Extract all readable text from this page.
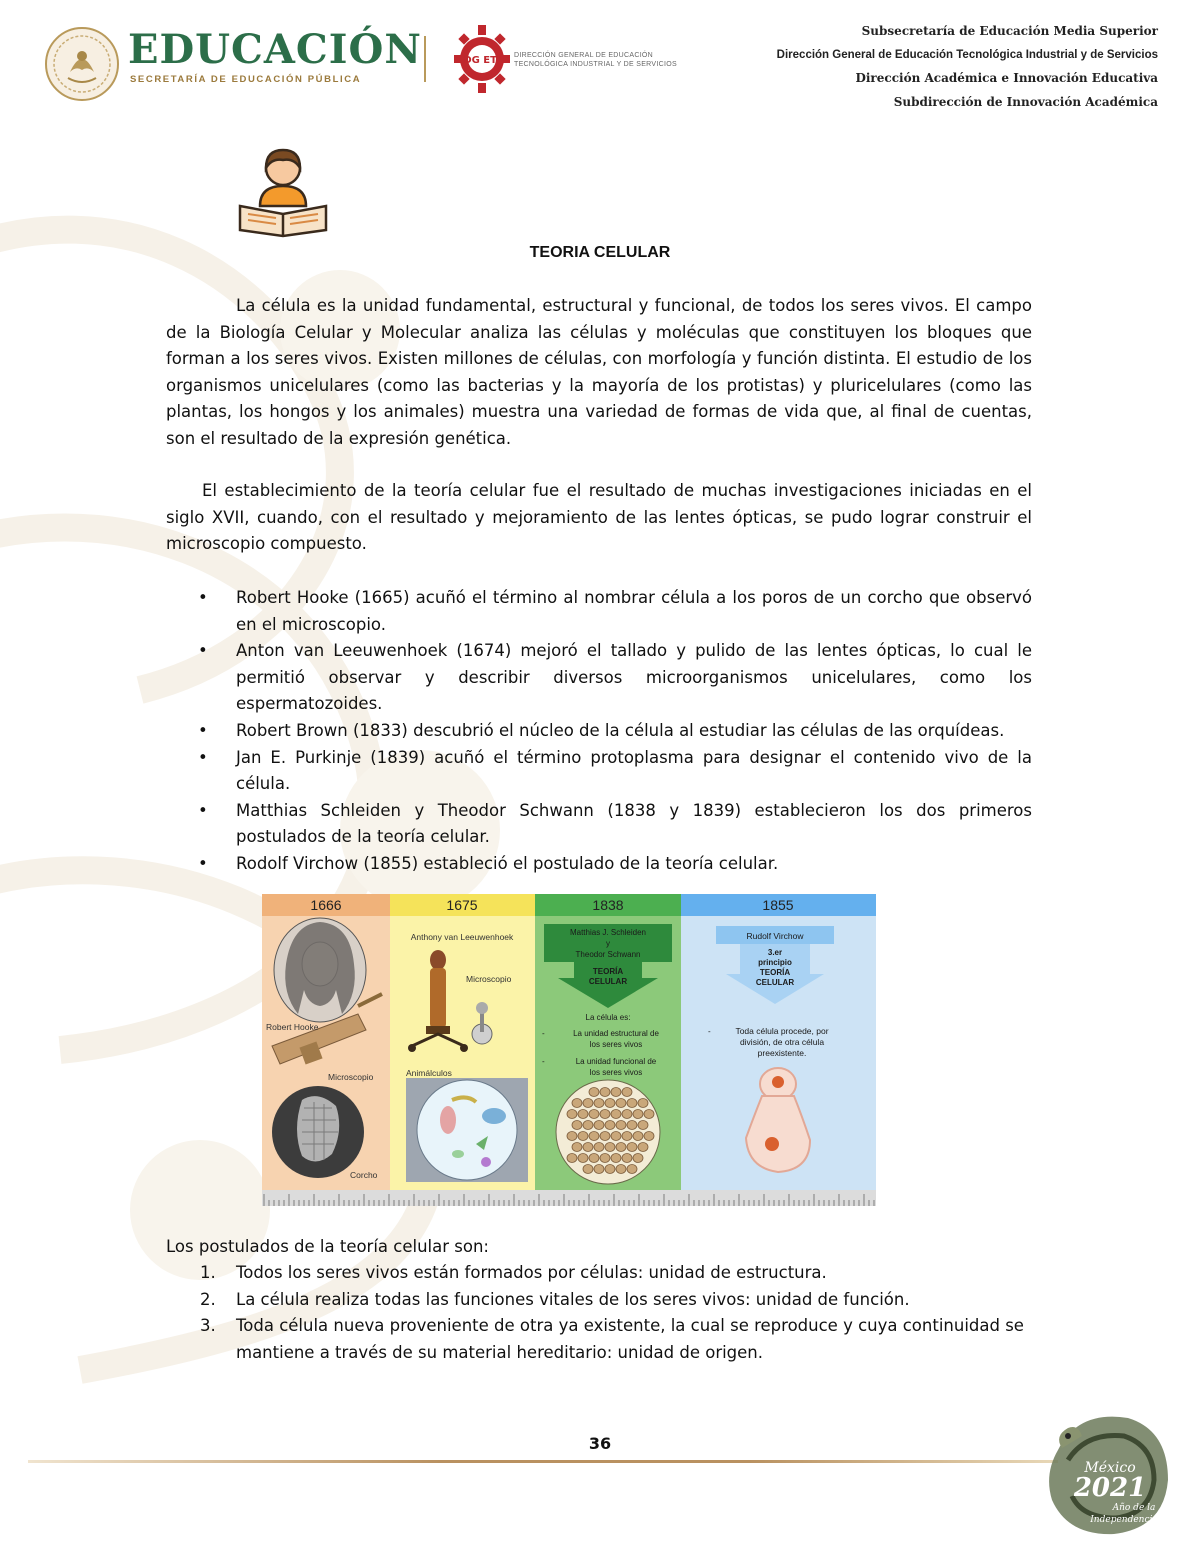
EDUCACIÓN
SECRETARÍA DE EDUCACIÓN PÚBLICA
DG ETI DIRECCIÓN GENERAL DE EDUCACIÓN TECNOLÓGICA INDUSTRIAL Y DE SERVICIOS
Subsecretaría de Educación Media Superior
Dirección General de Educación Tecnológica Industrial y de Servicios
Dirección Académica e Innovación Educativa
Subdirección de Innovación Académica
TEORIA CELULAR

La célula es la unidad fundamental, estructural y funcional, de todos los seres vivos. El campo de la Biología Celular y Molecular analiza las células y moléculas que constituyen los bloques que forman a los seres vivos. Existen millones de células, con morfología y función distinta. El estudio de los organismos unicelulares (como las bacterias y la mayoría de los protistas) y pluricelulares (como las plantas, los hongos y los animales) muestra una variedad de formas de vida que, al final de cuentas, son el resultado de la expresión genética.

El establecimiento de la teoría celular fue el resultado de muchas investigaciones iniciadas en el siglo XVII, cuando, con el resultado y mejoramiento de las lentes ópticas, se pudo lograr construir el microscopio compuesto.

• Robert Hooke (1665) acuñó el término al nombrar célula a los poros de un corcho que observó en el microscopio.
• Anton van Leeuwenhoek (1674) mejoró el tallado y pulido de las lentes ópticas, lo cual le permitió observar y describir diversos microorganismos unicelulares, como los espermatozoides.
• Robert Brown (1833) descubrió el núcleo de la célula al estudiar las células de las orquídeas.
• Jan E. Purkinje (1839) acuñó el término protoplasma para designar el contenido vivo de la célula.
• Matthias Schleiden y Theodor Schwann (1838 y 1839) establecieron los dos primeros postulados de la teoría celular.
• Rodolf Virchow (1855) estableció el postulado de la teoría celular.
1666	1675	1838	1855
Robert Hooke
Microscopio
Corcho
Anthony van Leeuwenhoek
Microscopio
Animálculos
Matthias J. Schleiden
y
Theodor Schwann
TEORÍA
CELULAR
La célula es:
-	La unidad estructural de
los seres vivos
-	La unidad funcional de
los seres vivos
Rudolf Virchow
3.er
principio
TEORÍA
CELULAR
-	Toda célula procede, por
división, de otra célula
preexistente.
Los postulados de la teoría celular son:
1. Todos los seres vivos están formados por células: unidad de estructura.
2. La célula realiza todas las funciones vitales de los seres vivos: unidad de función.
3. Toda célula nueva proveniente de otra ya existente, la cual se reproduce y cuya continuidad se mantiene a través de su material hereditario: unidad de origen.
36
México
2021
Año de la
Independencia
